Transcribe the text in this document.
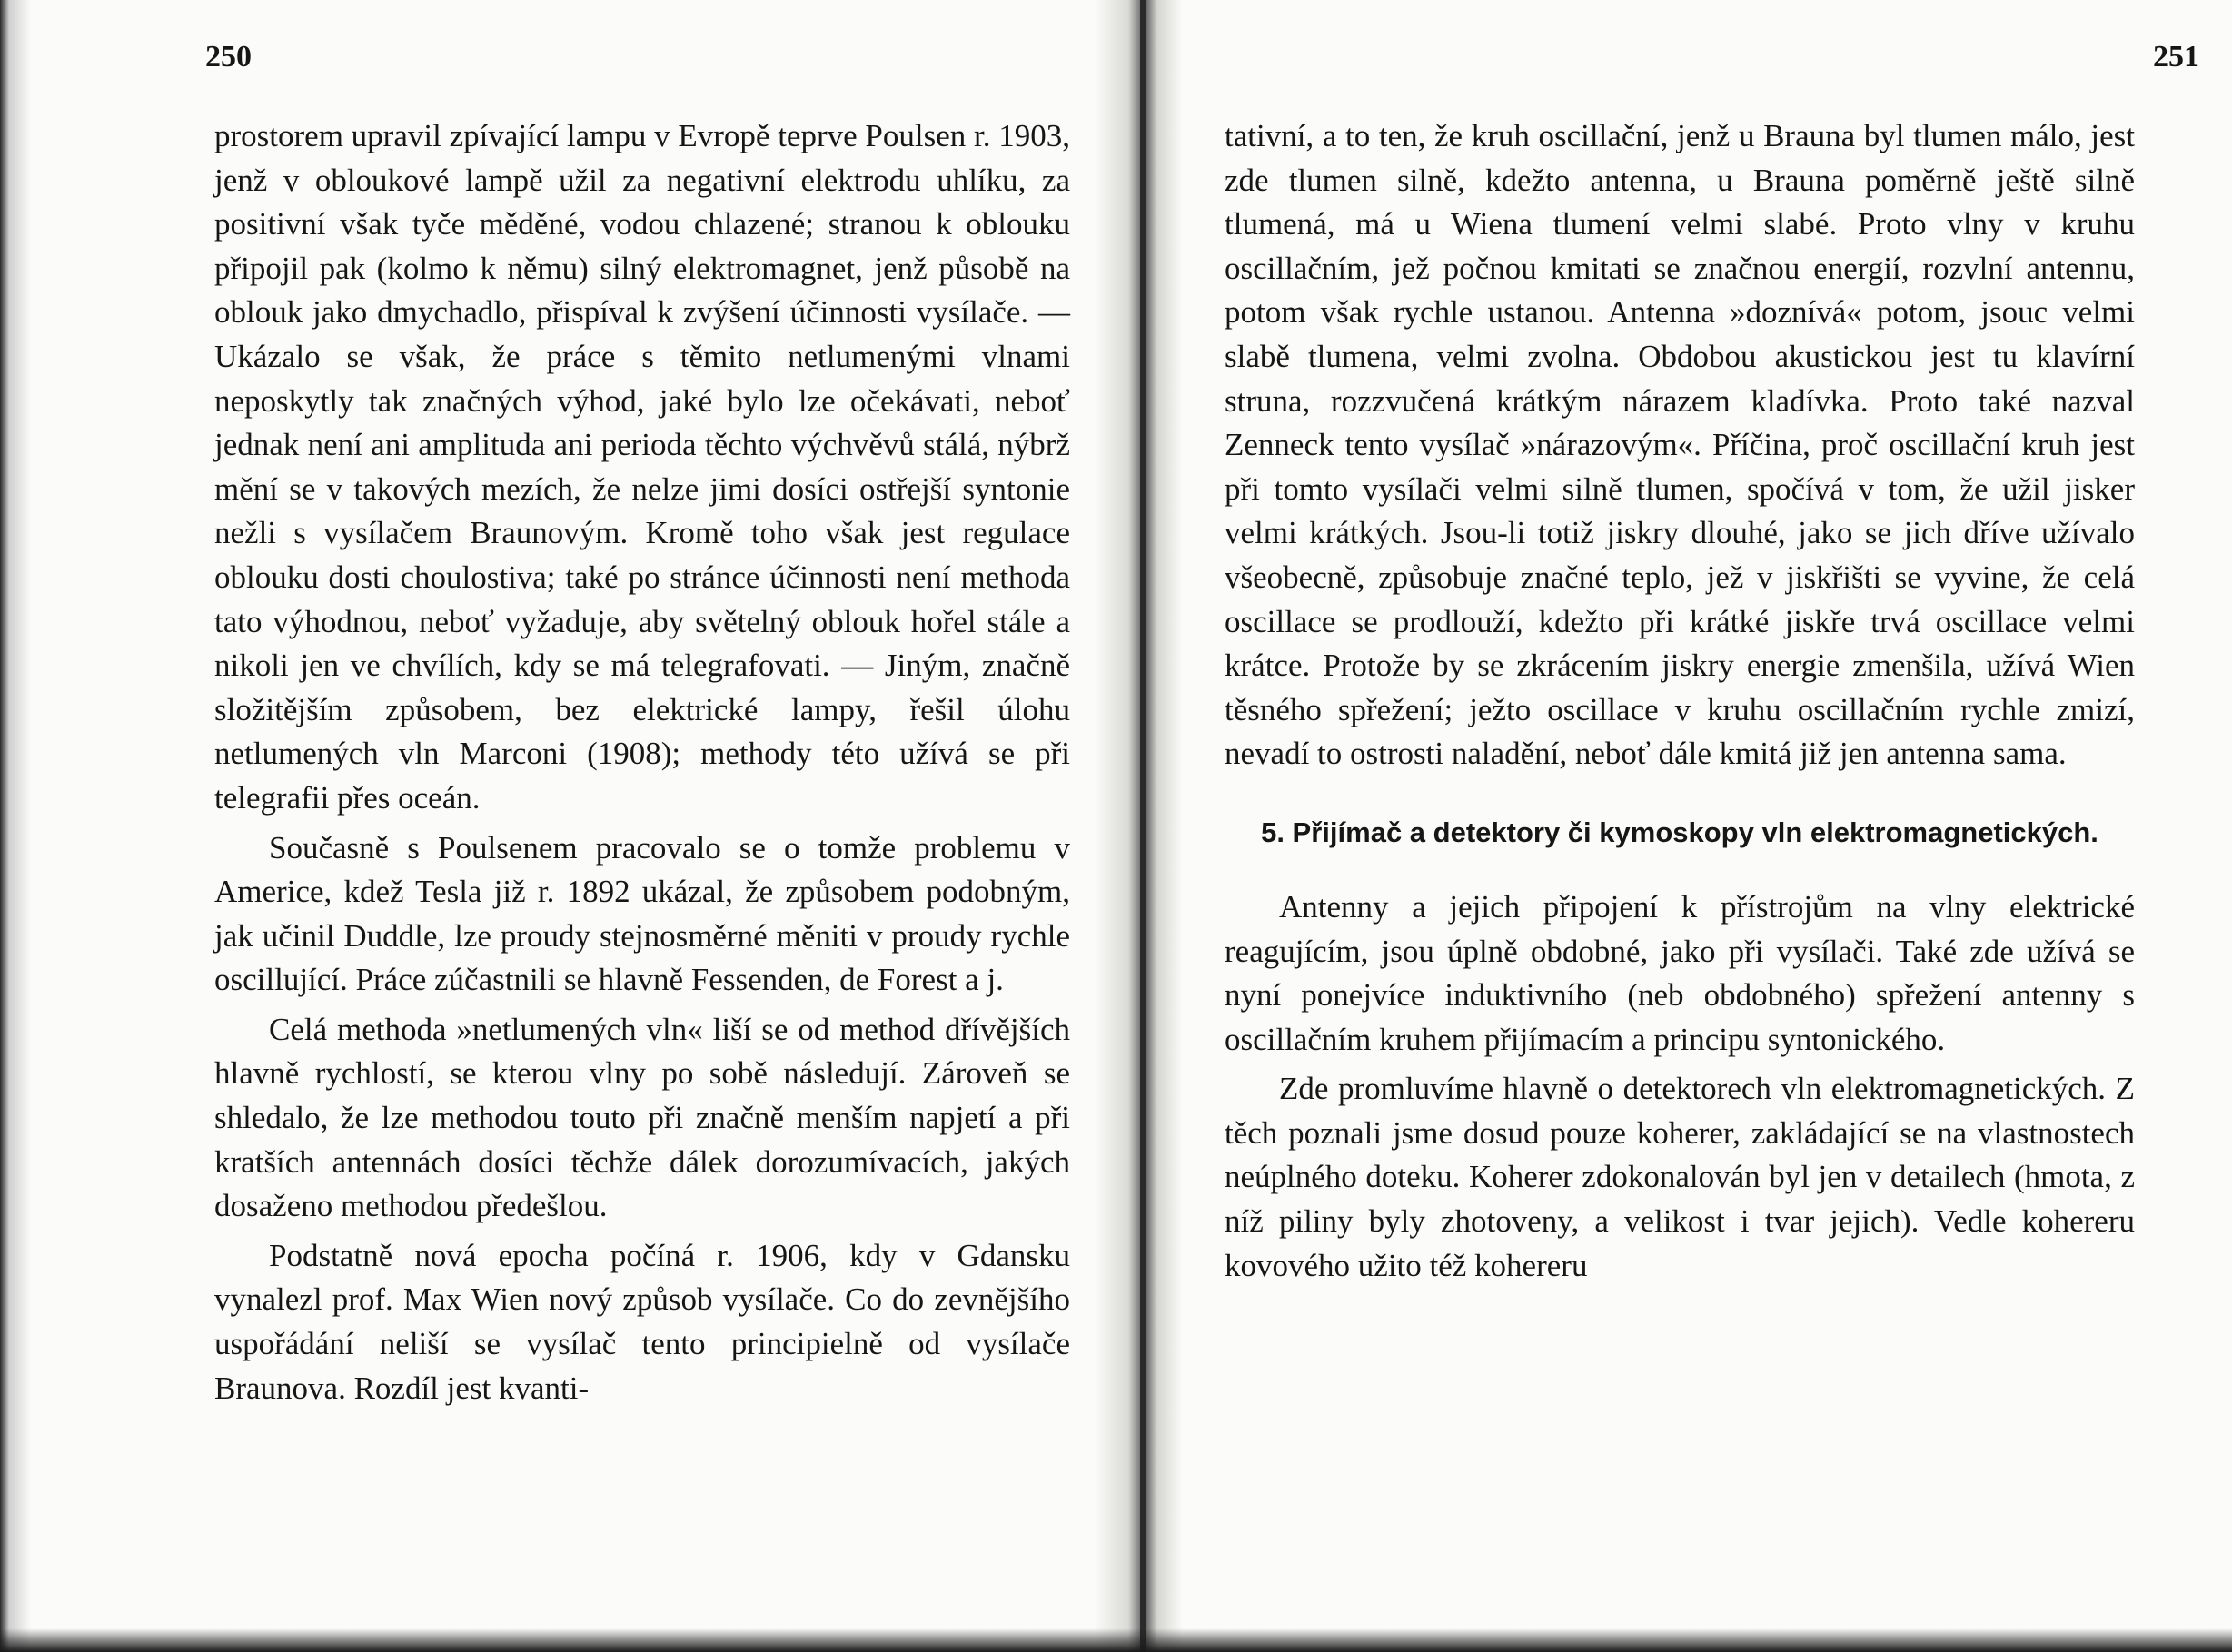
250

prostorem upravil zpívající lampu v Evropě teprve Poulsen r. 1903, jenž v obloukové lampě užil za negativní elektrodu uhlíku, za positivní však tyče měděné, vodou chlazené; stranou k oblouku připojil pak (kolmo k němu) silný elektromagnet, jenž působě na oblouk jako dmychadlo, přispíval k zvýšení účinnosti vysílače. — Ukázalo se však, že práce s těmito netlumenými vlnami neposkytly tak značných výhod, jaké bylo lze očekávati, neboť jednak není ani amplituda ani perioda těchto výchvěvů stálá, nýbrž mění se v takových mezích, že nelze jimi dosíci ostřejší syntonie nežli s vysílačem Braunovým. Kromě toho však jest regulace oblouku dosti choulostiva; také po stránce účinnosti není methoda tato výhodnou, neboť vyžaduje, aby světelný oblouk hořel stále a nikoli jen ve chvílích, kdy se má telegrafovati. — Jiným, značně složitějším způsobem, bez elektrické lampy, řešil úlohu netlumených vln Marconi (1908); methody této užívá se při telegrafii přes oceán.

Současně s Poulsenem pracovalo se o tomže problemu v Americe, kdež Tesla již r. 1892 ukázal, že způsobem podobným, jak učinil Duddle, lze proudy stejnosměrné měniti v proudy rychle oscillující. Práce zúčastnili se hlavně Fessenden, de Forest a j.

Celá methoda »netlumených vln« liší se od method dřívějších hlavně rychlostí, se kterou vlny po sobě následují. Zároveň se shledalo, že lze methodou touto při značně menším napjetí a při kratších antennách dosíci těchže dálek dorozumívacích, jakých dosaženo methodou předešlou.

Podstatně nová epocha počíná r. 1906, kdy v Gdansku vynalezl prof. Max Wien nový způsob vysílače. Co do zevnějšího uspořádání neliší se vysílač tento principielně od vysílače Braunova. Rozdíl jest kvanti-

251

tativní, a to ten, že kruh oscillační, jenž u Brauna byl tlumen málo, jest zde tlumen silně, kdežto antenna, u Brauna poměrně ještě silně tlumená, má u Wiena tlumení velmi slabé. Proto vlny v kruhu oscillačním, jež počnou kmitati se značnou energií, rozvlní antennu, potom však rychle ustanou. Antenna »doznívá« potom, jsouc velmi slabě tlumena, velmi zvolna. Obdobou akustickou jest tu klavírní struna, rozzvučená krátkým nárazem kladívka. Proto také nazval Zenneck tento vysílač »nárazovým«. Příčina, proč oscillační kruh jest při tomto vysílači velmi silně tlumen, spočívá v tom, že užil jisker velmi krátkých. Jsou-li totiž jiskry dlouhé, jako se jich dříve užívalo všeobecně, způsobuje značné teplo, jež v jiskřišti se vyvine, že celá oscillace se prodlouží, kdežto při krátké jiskře trvá oscillace velmi krátce. Protože by se zkrácením jiskry energie zmenšila, užívá Wien těsného spřežení; ježto oscillace v kruhu oscillačním rychle zmizí, nevadí to ostrosti naladění, neboť dále kmitá již jen antenna sama.

5. Přijímač a detektory či kymoskopy vln elektromagnetických.

Antenny a jejich připojení k přístrojům na vlny elektrické reagujícím, jsou úplně obdobné, jako při vysílači. Také zde užívá se nyní ponejvíce induktivního (neb obdobného) spřežení antenny s oscillačním kruhem přijímacím a principu syntonického.

Zde promluvíme hlavně o detektorech vln elektromagnetických. Z těch poznali jsme dosud pouze koherer, zakládající se na vlastnostech neúplného doteku. Koherer zdokonalován byl jen v detailech (hmota, z níž piliny byly zhotoveny, a velikost i tvar jejich). Vedle kohereru kovového užito též kohereru
